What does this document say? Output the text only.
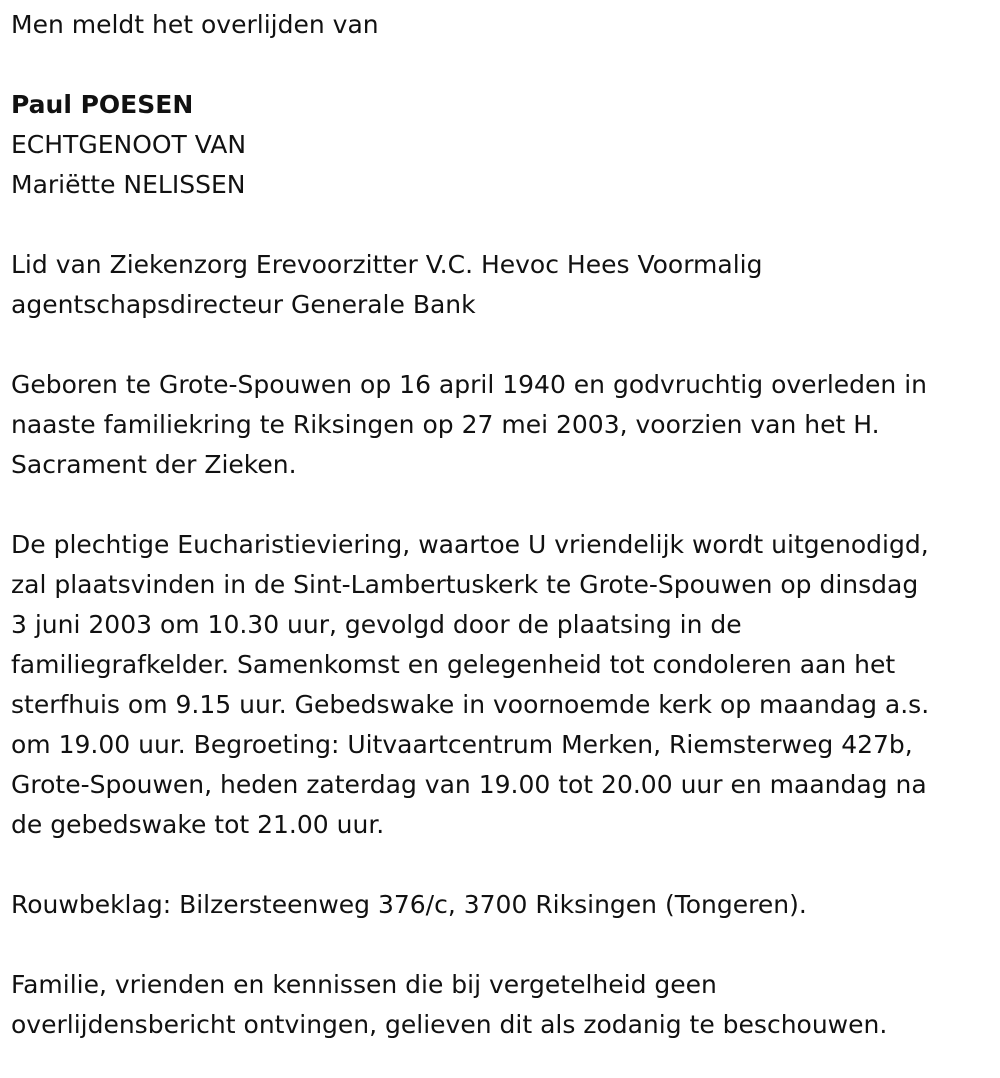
Men meldt het overlijden van

Paul POESEN

ECHTGENOOT VAN

Mariëtte NELISSEN

Lid van Ziekenzorg Erevoorzitter V.C. Hevoc Hees Voormalig

agentschapsdirecteur Generale Bank

Geboren te Grote-Spouwen op 16 april 1940 en godvruchtig overleden in

naaste familiekring te Riksingen op 27 mei 2003, voorzien van het H.

Sacrament der Zieken.

De plechtige Eucharistieviering, waartoe U vriendelijk wordt uitgenodigd,

zal plaatsvinden in de Sint-Lambertuskerk te Grote-Spouwen op dinsdag

3 juni 2003 om 10.30 uur, gevolgd door de plaatsing in de

familiegrafkelder. Samenkomst en gelegenheid tot condoleren aan het

sterfhuis om 9.15 uur. Gebedswake in voornoemde kerk op maandag a.s.

om 19.00 uur. Begroeting: Uitvaartcentrum Merken, Riemsterweg 427b,

Grote-Spouwen, heden zaterdag van 19.00 tot 20.00 uur en maandag na

de gebedswake tot 21.00 uur.

Rouwbeklag: Bilzersteenweg 376/c, 3700 Riksingen (Tongeren).

Familie, vrienden en kennissen die bij vergetelheid geen

overlijdensbericht ontvingen, gelieven dit als zodanig te beschouwen.
